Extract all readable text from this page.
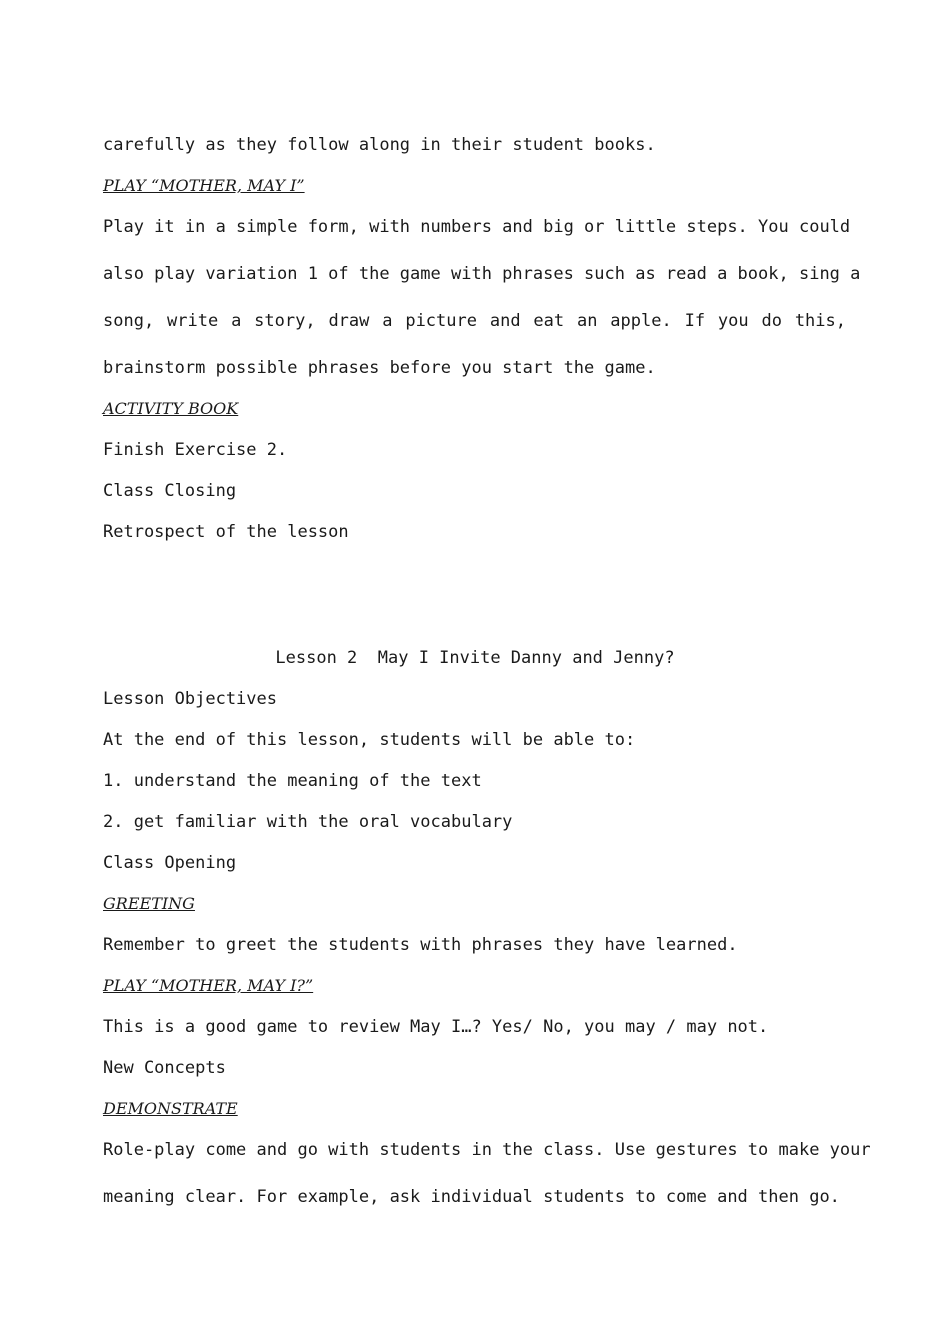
carefully as they follow along in their student books.
PLAY “MOTHER, MAY I”
Play it in a simple form, with numbers and big or little steps. You could
also play variation 1 of the game with phrases such as read a book, sing a
song, write a story, draw a picture and eat an apple. If you do this,
brainstorm possible phrases before you start the game.
ACTIVITY BOOK
Finish Exercise 2.
Class Closing
Retrospect of the lesson
Lesson 2  May I Invite Danny and Jenny?
Lesson Objectives
At the end of this lesson, students will be able to:
1. understand the meaning of the text
2. get familiar with the oral vocabulary
Class Opening
GREETING
Remember to greet the students with phrases they have learned.
PLAY “MOTHER, MAY I?”
This is a good game to review May I…? Yes/ No, you may / may not.
New Concepts
DEMONSTRATE
Role-play come and go with students in the class. Use gestures to make your
meaning clear. For example, ask individual students to come and then go.
